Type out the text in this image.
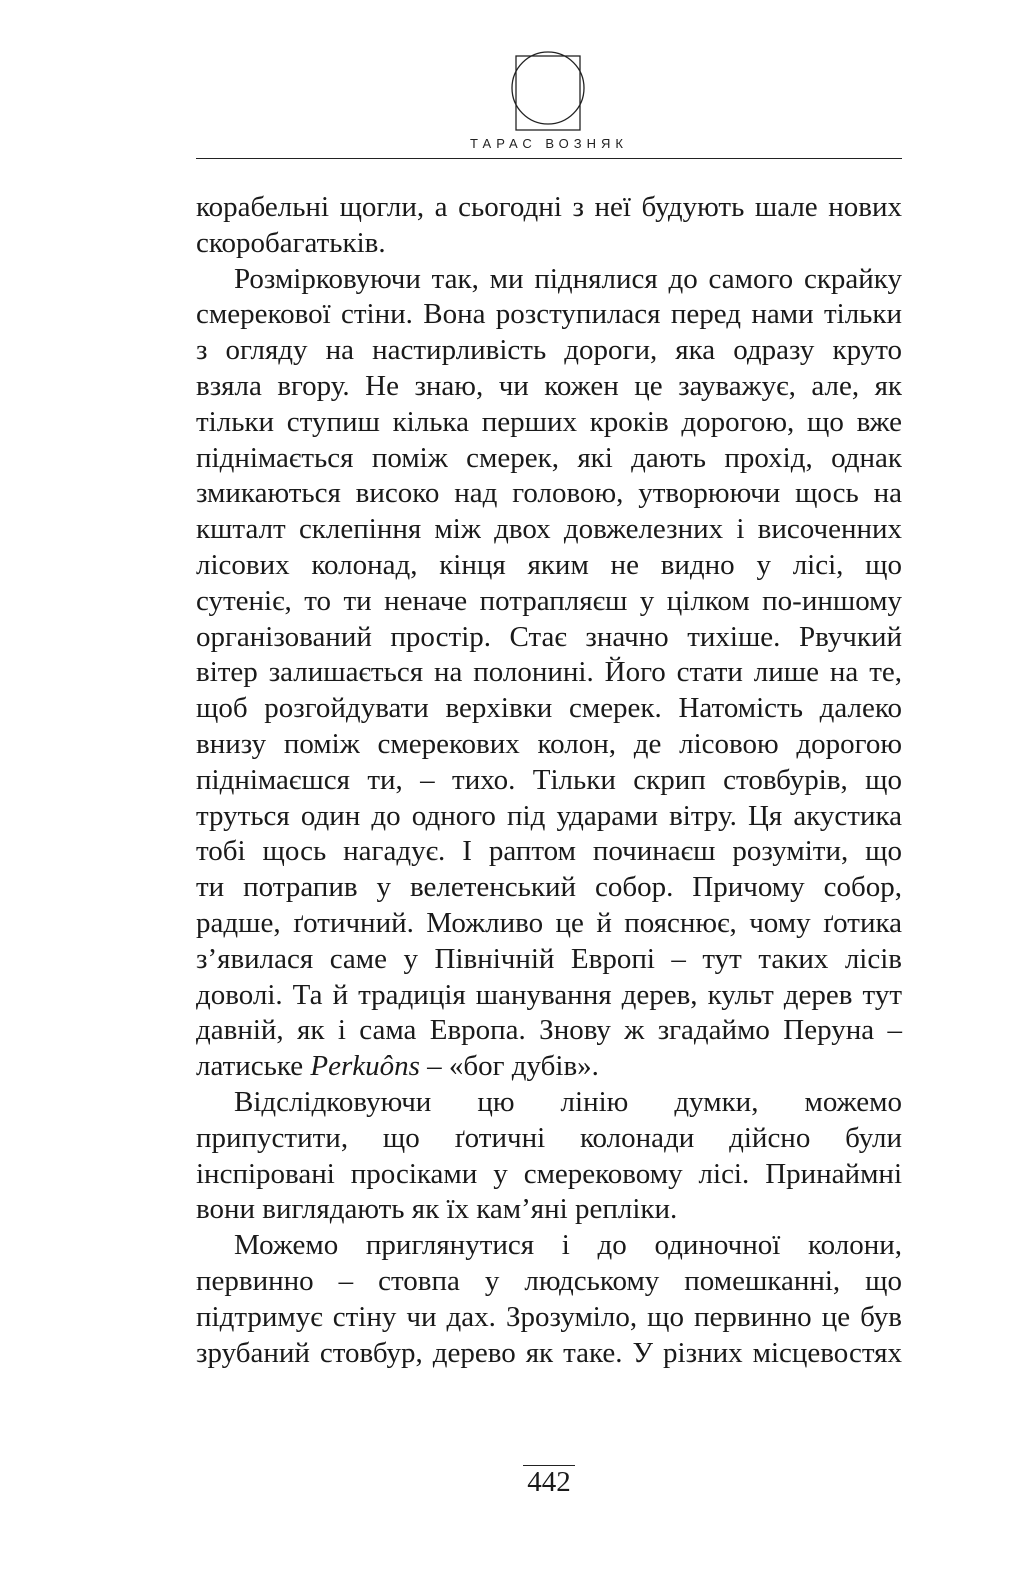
ТАРАС ВОЗНЯК
корабельні щогли, а сьогодні з неї будують шале нових
скоробагатьків.
Розмірковуючи так, ми піднялися до самого скрайку
смерекової стіни. Вона розступилася перед нами тільки
з огляду на настирливість дороги, яка одразу круто
взяла вгору. Не знаю, чи кожен це зауважує, але, як
тільки ступиш кілька перших кроків дорогою, що вже
піднімається поміж смерек, які дають прохід, однак
змикаються високо над головою, утворюючи щось на
кшталт склепіння між двох довжелезних і височенних
лісових колонад, кінця яким не видно у лісі, що
сутеніє, то ти неначе потрапляєш у цілком по-иншому
організований простір. Стає значно тихіше. Рвучкий
вітер залишається на полонині. Його стати лише на те,
щоб розгойдувати верхівки смерек. Натомість далеко
внизу поміж смерекових колон, де лісовою дорогою
піднімаєшся ти, – тихо. Тільки скрип стовбурів, що
труться один до одного під ударами вітру. Ця акустика
тобі щось нагадує. І раптом починаєш розуміти, що
ти потрапив у велетенський собор. Причому собор,
радше, ґотичний. Можливо це й пояснює, чому ґотика
з’явилася саме у Північній Европі – тут таких лісів
доволі. Та й традиція шанування дерев, культ дерев тут
давній, як і сама Европа. Знову ж згадаймо Перуна –
латиське Perkuôns – «бог дубів».
Відслідковуючи цю лінію думки, можемо
припустити, що ґотичні колонади дійсно були
інспіровані просіками у смерековому лісі. Принаймні
вони виглядають як їх кам’яні репліки.
Можемо приглянутися і до одиночної колони,
первинно – стовпа у людському помешканні, що
підтримує стіну чи дах. Зрозуміло, що первинно це був
зрубаний стовбур, дерево як таке. У різних місцевостях
442
